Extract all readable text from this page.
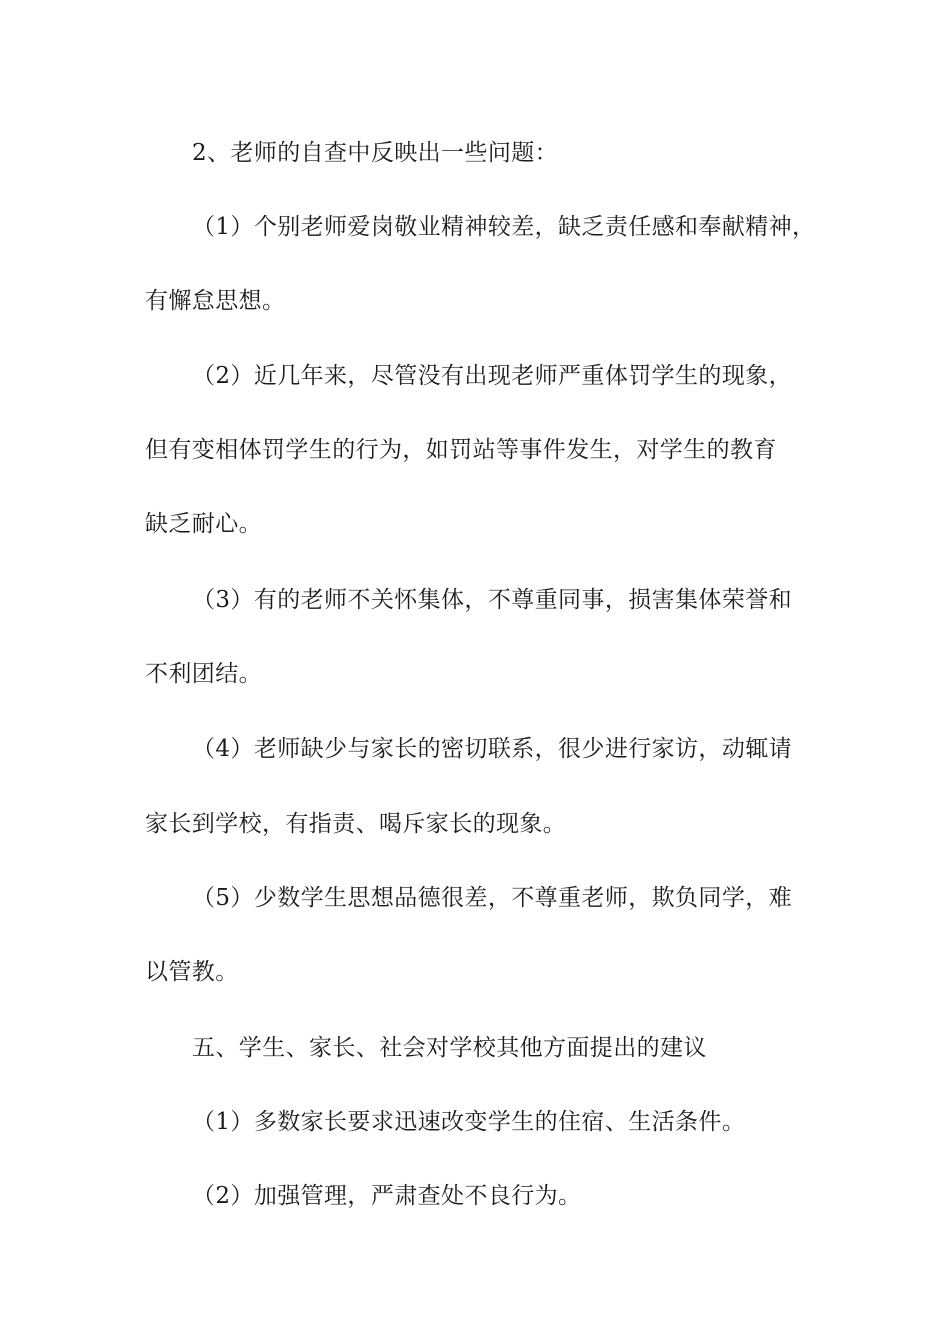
2、老师的自查中反映出一些问题：
（1）个别老师爱岗敬业精神较差，缺乏责任感和奉献精神，
有懈怠思想。
（2）近几年来，尽管没有出现老师严重体罚学生的现象，
但有变相体罚学生的行为，如罚站等事件发生，对学生的教育
缺乏耐心。
（3）有的老师不关怀集体，不尊重同事，损害集体荣誉和
不利团结。
（4）老师缺少与家长的密切联系，很少进行家访，动辄请
家长到学校，有指责、喝斥家长的现象。
（5）少数学生思想品德很差，不尊重老师，欺负同学，难
以管教。
五、学生、家长、社会对学校其他方面提出的建议
（1）多数家长要求迅速改变学生的住宿、生活条件。
（2）加强管理，严肃查处不良行为。
